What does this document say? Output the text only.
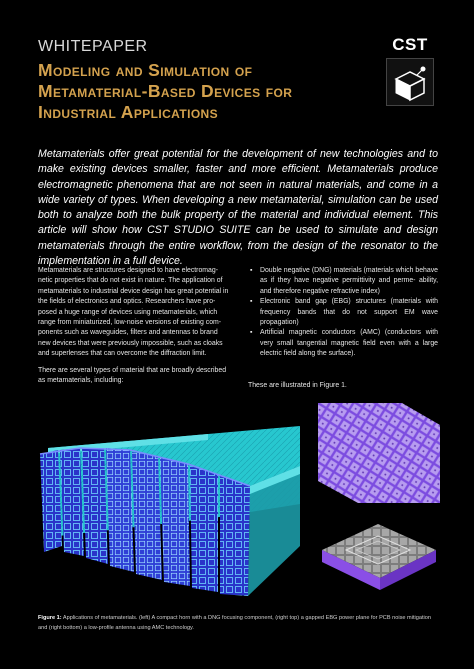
WHITEPAPER
Modeling and Simulation of
Metamaterial-Based Devices for
Industrial Applications
CST
Metamaterials offer great potential for the development of new technologies and to make existing devices smaller, faster and more efficient. Metamaterials produce electromagnetic phenomena that are not seen in natural materials, and come in a wide variety of types. When developing a new metamaterial, simulation can be used both to analyze both the bulk property of the material and individual element. This article will show how CST STUDIO SUITE can be used to simulate and design metamaterials through the entire workflow, from the design of the resonator to the implementation in a full device.

Metamaterials are structures designed to have electromag- netic properties that do not exist in nature. The application of metamaterials to industrial device design has great potential in the fields of electronics and optics. Researchers have pro- posed a huge range of devices using metamaterials, which range from miniaturized, low-noise versions of existing com- ponents such as waveguides, filters and antennas to brand new devices that were previously impossible, such as cloaks and superlenses that can overcome the diffraction limit.

There are several types of material that are broadly described as metamaterials, including:

▪ Double negative (DNG) materials (materials which behave as if they have negative permittivity and perme- ability, and therefore negative refractive index)
▪ Electronic band gap (EBG) structures (materials with frequency bands that do not support EM wave propagation)
▪ Artificial magnetic conductors (AMC) (conductors with very small tangential magnetic field even with a large electric field along the surface).
These are illustrated in Figure 1.
Figure 1: Applications of metamaterials. (left) A compact horn with a DNG focusing component, (right top) a gapped EBG power plane for PCB noise mitigation and (right bottom) a low-profile antenna using AMC technology.
